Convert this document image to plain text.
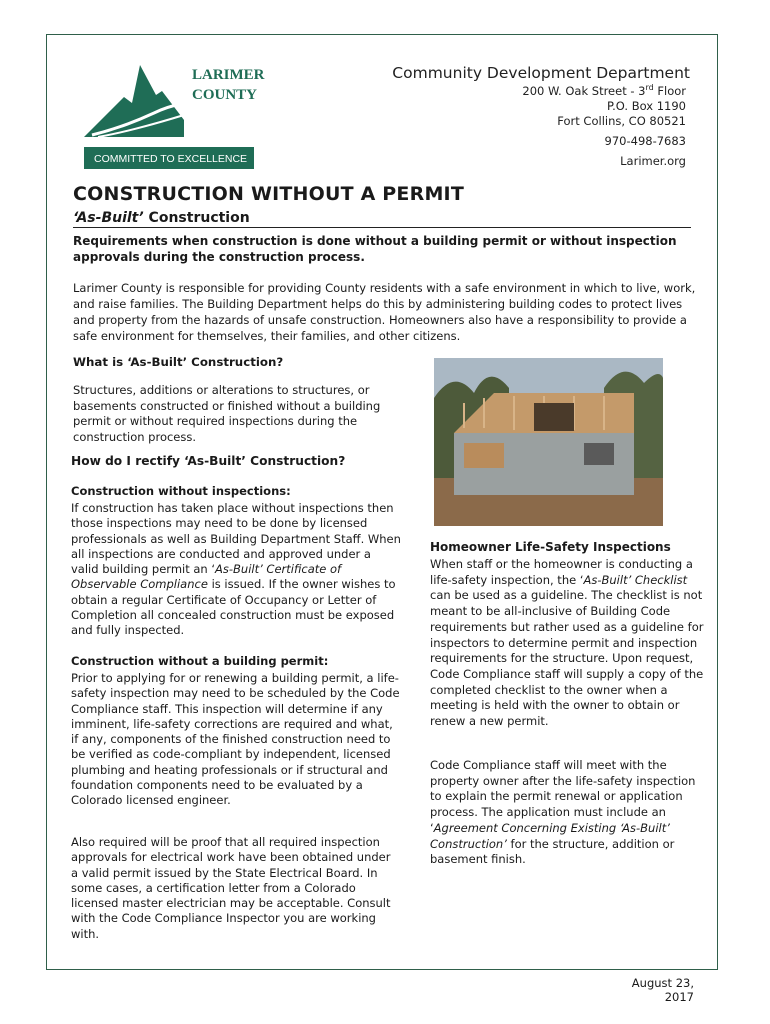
LARIMER
COUNTY
COMMITTED TO EXCELLENCE
Community Development Department
200 W. Oak Street - 3rd Floor
P.O. Box 1190
Fort Collins, CO 80521
970-498-7683
Larimer.org
CONSTRUCTION WITHOUT A PERMIT
‘As-Built’ Construction
Requirements when construction is done without a building permit or without inspection approvals during the construction process.
Larimer County is responsible for providing County residents with a safe environment in which to live, work, and raise families. The Building Department helps do this by administering building codes to protect lives and property from the hazards of unsafe construction. Homeowners also have a responsibility to provide a safe environment for themselves, their families, and other citizens.
What is ‘As-Built’ Construction?
Structures, additions or alterations to structures, or basements constructed or finished without a building permit or without required inspections during the construction process.
How do I rectify ‘As-Built’ Construction?
Construction without inspections:
If construction has taken place without inspections then those inspections may need to be done by licensed professionals as well as Building Department Staff. When all inspections are conducted and approved under a valid building permit an ‘As-Built’ Certificate of Observable Compliance is issued. If the owner wishes to obtain a regular Certificate of Occupancy or Letter of Completion all concealed construction must be exposed and fully inspected.
Construction without a building permit:
Prior to applying for or renewing a building permit, a life-safety inspection may need to be scheduled by the Code Compliance staff. This inspection will determine if any imminent, life-safety corrections are required and what, if any, components of the finished construction need to be verified as code-compliant by independent, licensed plumbing and heating professionals or if structural and foundation components need to be evaluated by a Colorado licensed engineer.
Also required will be proof that all required inspection approvals for electrical work have been obtained under a valid permit issued by the State Electrical Board. In some cases, a certification letter from a Colorado licensed master electrician may be acceptable. Consult with the Code Compliance Inspector you are working with.
Homeowner Life-Safety Inspections
When staff or the homeowner is conducting a life-safety inspection, the ‘As-Built’ Checklist can be used as a guideline. The checklist is not meant to be all-inclusive of Building Code requirements but rather used as a guideline for inspectors to determine permit and inspection requirements for the structure. Upon request, Code Compliance staff will supply a copy of the completed checklist to the owner when a meeting is held with the owner to obtain or renew a new permit.
Code Compliance staff will meet with the property owner after the life-safety inspection to explain the permit renewal or application process. The application must include an ‘Agreement Concerning Existing ‘As-Built’ Construction’ for the structure, addition or basement finish.
August 23, 2017
